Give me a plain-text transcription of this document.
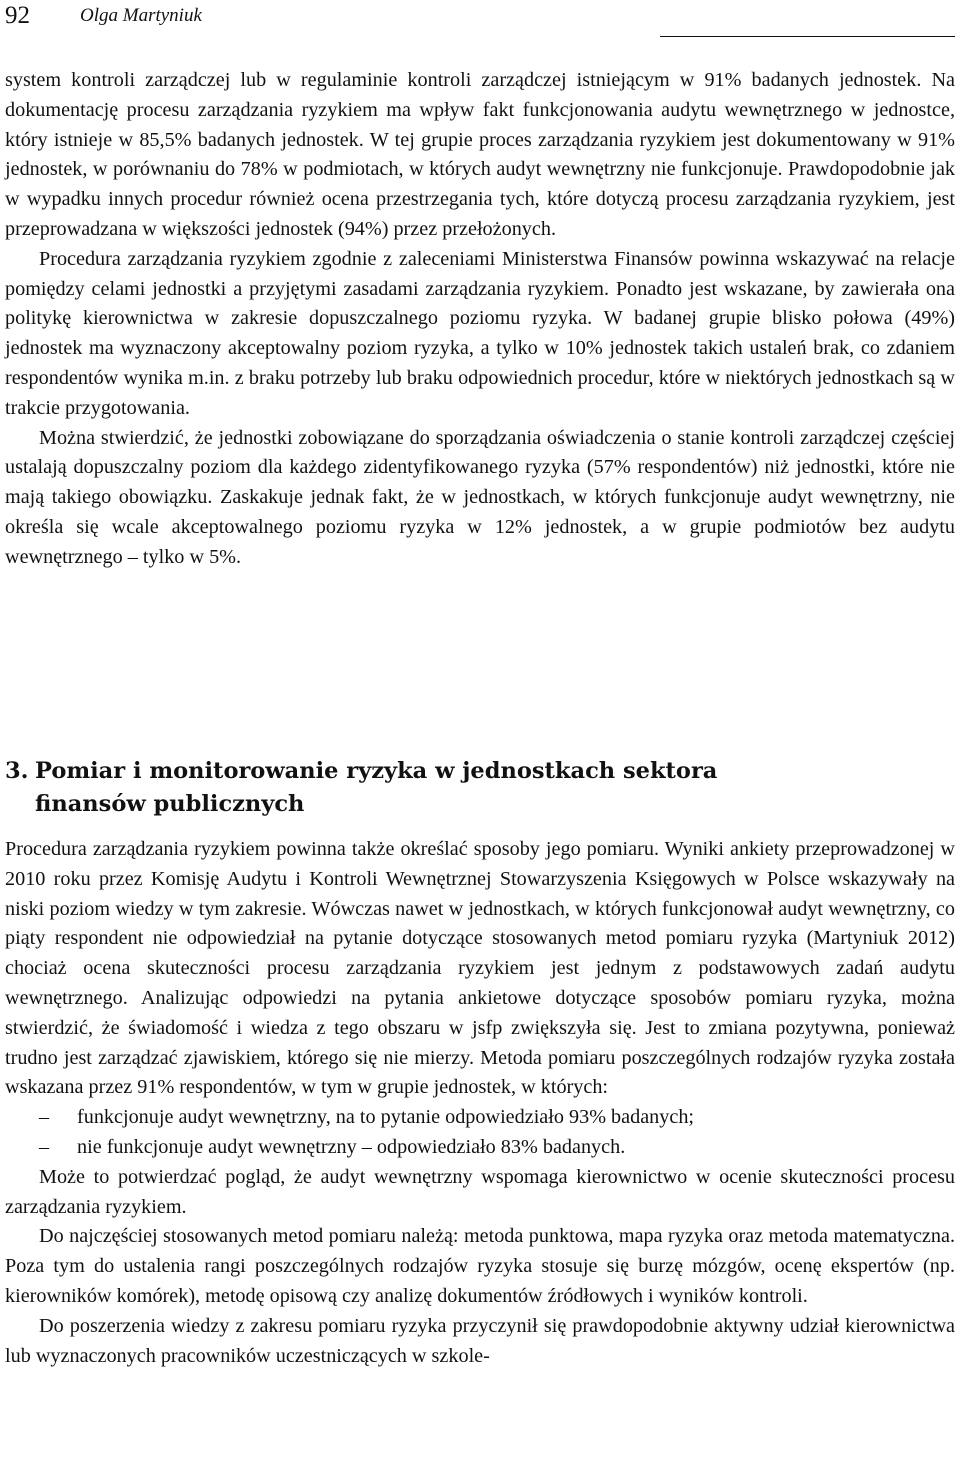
92	Olga Martyniuk

system kontroli zarządczej lub w regulaminie kontroli zarządczej istniejącym w 91% badanych jednostek. Na dokumentację procesu zarządzania ryzykiem ma wpływ fakt funkcjonowania audytu wewnętrznego w jednostce, który istnieje w 85,5% badanych jednostek. W tej grupie proces zarządzania ryzykiem jest dokumentowany w 91% jednostek, w porównaniu do 78% w podmiotach, w których audyt wewnętrzny nie funkcjonuje. Prawdopodobnie jak w wypadku innych procedur również ocena przestrzegania tych, które dotyczą procesu zarządzania ryzykiem, jest przeprowadzana w większości jednostek (94%) przez przełożonych.

Procedura zarządzania ryzykiem zgodnie z zaleceniami Ministerstwa Finansów powinna wskazywać na relacje pomiędzy celami jednostki a przyjętymi zasadami zarządzania ryzykiem. Ponadto jest wskazane, by zawierała ona politykę kierownictwa w zakresie dopuszczalnego poziomu ryzyka. W badanej grupie blisko połowa (49%) jednostek ma wyznaczony akceptowalny poziom ryzyka, a tylko w 10% jednostek takich ustaleń brak, co zdaniem respondentów wynika m.in. z braku potrzeby lub braku odpowiednich procedur, które w niektórych jednostkach są w trakcie przygotowania.

Można stwierdzić, że jednostki zobowiązane do sporządzania oświadczenia o stanie kontroli zarządczej częściej ustalają dopuszczalny poziom dla każdego zidentyfikowanego ryzyka (57% respondentów) niż jednostki, które nie mają takiego obowiązku. Zaskakuje jednak fakt, że w jednostkach, w których funkcjonuje audyt wewnętrzny, nie określa się wcale akceptowalnego poziomu ryzyka w 12% jednostek, a w grupie podmiotów bez audytu wewnętrznego – tylko w 5%.

3. Pomiar i monitorowanie ryzyka w jednostkach sektora
finansów publicznych

Procedura zarządzania ryzykiem powinna także określać sposoby jego pomiaru. Wyniki ankiety przeprowadzonej w 2010 roku przez Komisję Audytu i Kontroli Wewnętrznej Stowarzyszenia Księgowych w Polsce wskazywały na niski poziom wiedzy w tym zakresie. Wówczas nawet w jednostkach, w których funkcjonował audyt wewnętrzny, co piąty respondent nie odpowiedział na pytanie dotyczące stosowanych metod pomiaru ryzyka (Martyniuk 2012) chociaż ocena skuteczności procesu zarządzania ryzykiem jest jednym z podstawowych zadań audytu wewnętrznego. Analizując odpowiedzi na pytania ankietowe dotyczące sposobów pomiaru ryzyka, można stwierdzić, że świadomość i wiedza z tego obszaru w jsfp zwiększyła się. Jest to zmiana pozytywna, ponieważ trudno jest zarządzać zjawiskiem, którego się nie mierzy. Metoda pomiaru poszczególnych rodzajów ryzyka została wskazana przez 91% respondentów, w tym w grupie jednostek, w których:

– funkcjonuje audyt wewnętrzny, na to pytanie odpowiedziało 93% badanych;
– nie funkcjonuje audyt wewnętrzny – odpowiedziało 83% badanych.

Może to potwierdzać pogląd, że audyt wewnętrzny wspomaga kierownictwo w ocenie skuteczności procesu zarządzania ryzykiem.

Do najczęściej stosowanych metod pomiaru należą: metoda punktowa, mapa ryzyka oraz metoda matematyczna. Poza tym do ustalenia rangi poszczególnych rodzajów ryzyka stosuje się burzę mózgów, ocenę ekspertów (np. kierowników komórek), metodę opisową czy analizę dokumentów źródłowych i wyników kontroli.

Do poszerzenia wiedzy z zakresu pomiaru ryzyka przyczynił się prawdopodobnie aktywny udział kierownictwa lub wyznaczonych pracowników uczestniczących w szkole-
